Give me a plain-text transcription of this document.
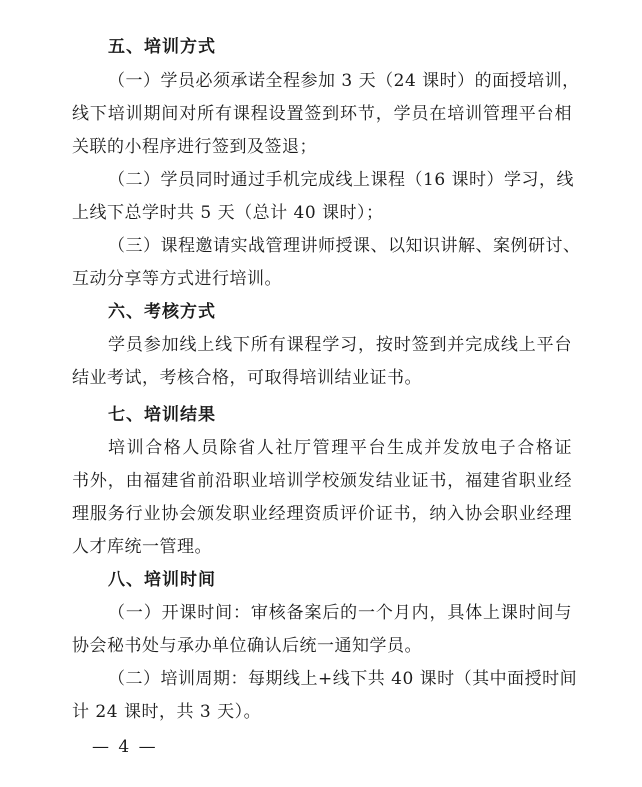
五、培训方式
（一）学员必须承诺全程参加 3 天（24 课时）的面授培训，
线下培训期间对所有课程设置签到环节，学员在培训管理平台相
关联的小程序进行签到及签退；
（二）学员同时通过手机完成线上课程（16 课时）学习，线
上线下总学时共 5 天（总计 40 课时）；
（三）课程邀请实战管理讲师授课、以知识讲解、案例研讨、
互动分享等方式进行培训。
六、考核方式
学员参加线上线下所有课程学习，按时签到并完成线上平台
结业考试，考核合格，可取得培训结业证书。
七、培训结果
培训合格人员除省人社厅管理平台生成并发放电子合格证
书外，由福建省前沿职业培训学校颁发结业证书，福建省职业经
理服务行业协会颁发职业经理资质评价证书，纳入协会职业经理
人才库统一管理。
八、培训时间
（一）开课时间：审核备案后的一个月内，具体上课时间与
协会秘书处与承办单位确认后统一通知学员。
（二）培训周期：每期线上+线下共 40 课时（其中面授时间
计 24 课时，共 3 天）。
— 4 —
